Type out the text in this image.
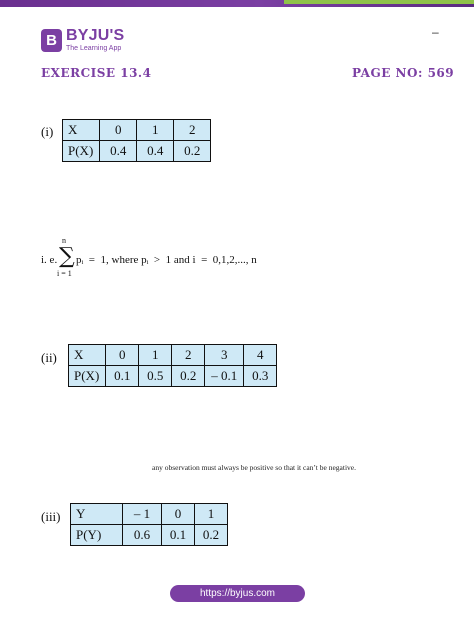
B BYJU'S
The Learning App
–
EXERCISE 13.4	PAGE NO: 569
(i) X	0	1	2
P(X)	0.4	0.4	0.2
i. e.
n
∑
i = 1
pᵢ  =  1, where pᵢ  >  1 and i  =  0,1,2,..., n
(ii) X	0	1	2	3	4
P(X)	0.1	0.5	0.2	– 0.1	0.3
any observation must always be positive so that it can’t be negative.
(iii) Y	– 1	0	1
P(Y)	0.6	0.1	0.2
https://byjus.com
